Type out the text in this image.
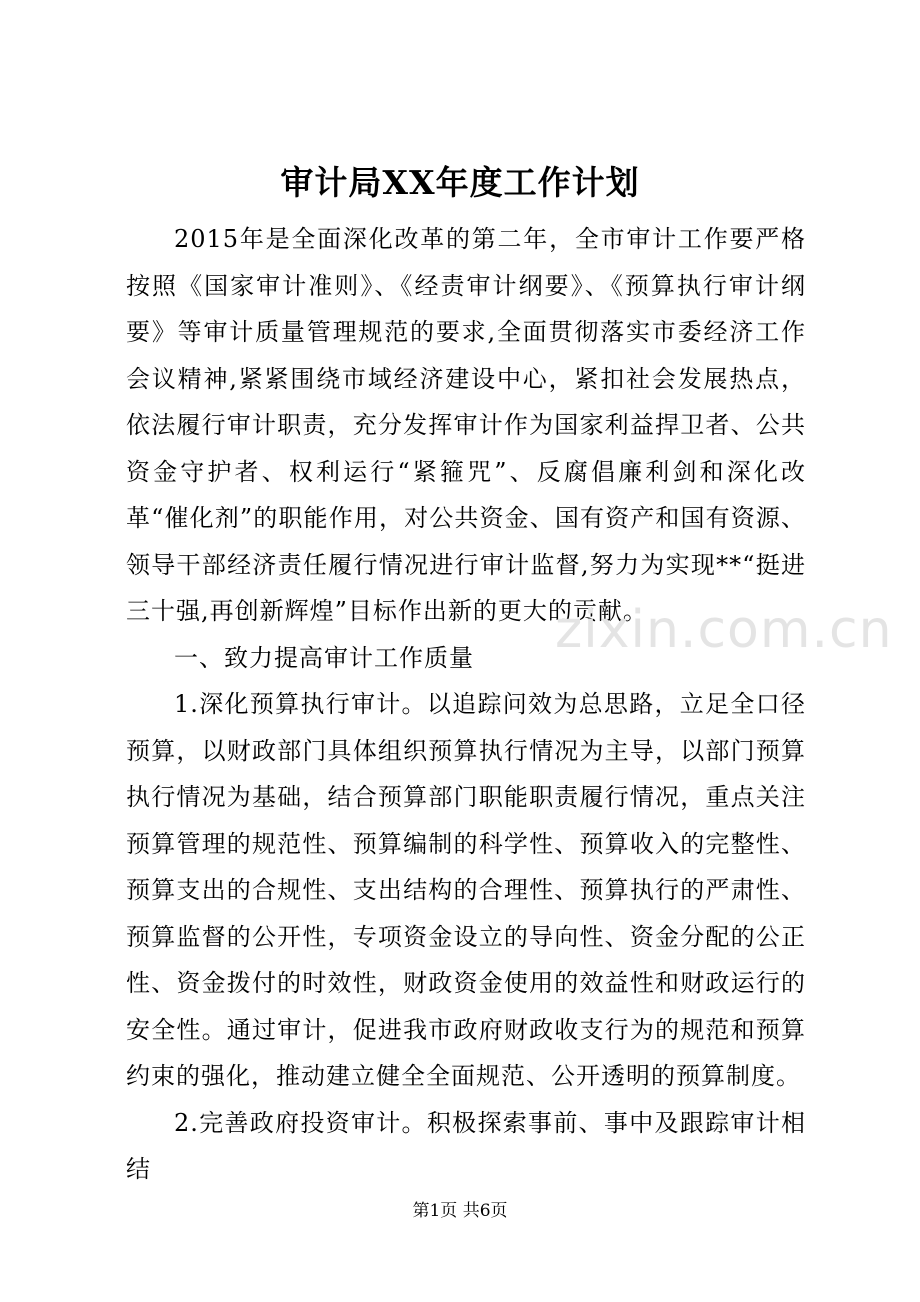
审计局XX年度工作计划

2015年是全面深化改革的第二年，全市审计工作要严格按照《国家审计准则》、《经责审计纲要》、《预算执行审计纲要》等审计质量管理规范的要求,全面贯彻落实市委经济工作会议精神,紧紧围绕市域经济建设中心，紧扣社会发展热点，依法履行审计职责，充分发挥审计作为国家利益捍卫者、公共资金守护者、权利运行“紧箍咒”、反腐倡廉利剑和深化改革“催化剂”的职能作用，对公共资金、国有资产和国有资源、领导干部经济责任履行情况进行审计监督,努力为实现**“挺进三十强,再创新辉煌”目标作出新的更大的贡献。

一、致力提高审计工作质量

1.深化预算执行审计。以追踪问效为总思路，立足全口径预算，以财政部门具体组织预算执行情况为主导，以部门预算执行情况为基础，结合预算部门职能职责履行情况，重点关注预算管理的规范性、预算编制的科学性、预算收入的完整性、预算支出的合规性、支出结构的合理性、预算执行的严肃性、预算监督的公开性，专项资金设立的导向性、资金分配的公正性、资金拨付的时效性，财政资金使用的效益性和财政运行的安全性。通过审计，促进我市政府财政收支行为的规范和预算约束的强化，推动建立健全全面规范、公开透明的预算制度。

2.完善政府投资审计。积极探索事前、事中及跟踪审计相结

zixin.com.cn
第1页 共6页
